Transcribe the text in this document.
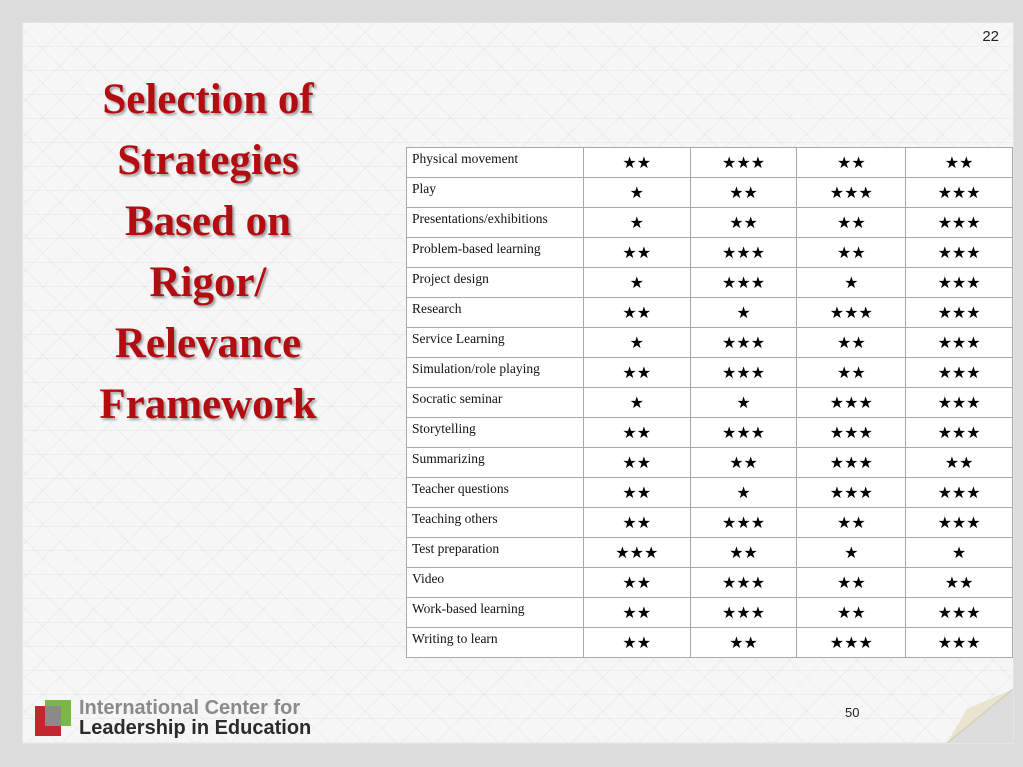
22
Selection of
Strategies
Based on
Rigor/
Relevance
Framework
Physical movement	★★	★★★	★★	★★
Play	★	★★	★★★	★★★
Presentations/exhibitions	★	★★	★★	★★★
Problem-based learning	★★	★★★	★★	★★★
Project design	★	★★★	★	★★★
Research	★★	★	★★★	★★★
Service Learning	★	★★★	★★	★★★
Simulation/role playing	★★	★★★	★★	★★★
Socratic seminar	★	★	★★★	★★★
Storytelling	★★	★★★	★★★	★★★
Summarizing	★★	★★	★★★	★★
Teacher questions	★★	★	★★★	★★★
Teaching others	★★	★★★	★★	★★★
Test preparation	★★★	★★	★	★
Video	★★	★★★	★★	★★
Work-based learning	★★	★★★	★★	★★★
Writing to learn	★★	★★	★★★	★★★
50
International Center for
Leadership in Education
